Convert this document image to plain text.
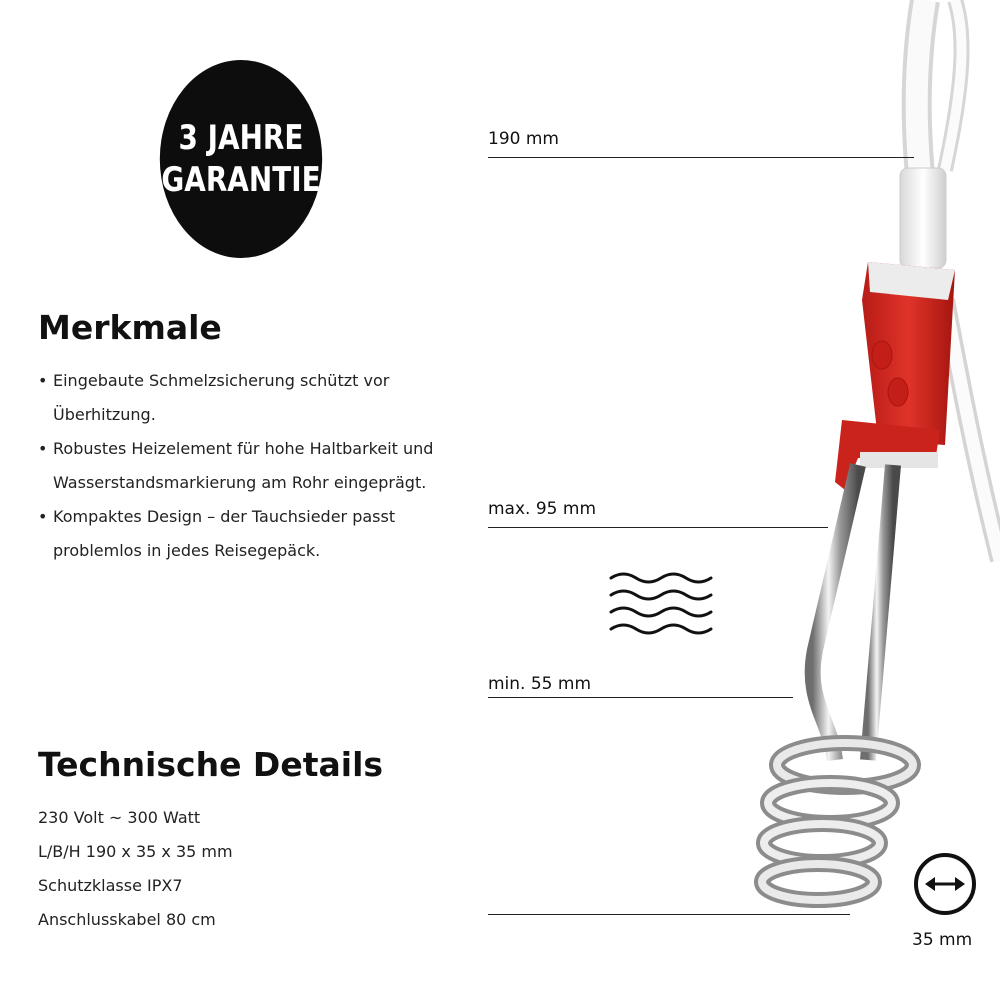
3 JAHRE
GARANTIE
Merkmale
• Eingebaute Schmelzsicherung schützt vor Überhitzung.
• Robustes Heizelement für hohe Haltbarkeit und Wasserstandsmarkierung am Rohr eingeprägt.
• Kompaktes Design – der Tauchsieder passt problemlos in jedes Reisegepäck.
Technische Details
230 Volt ~ 300 Watt
L/B/H 190 x 35 x 35 mm
Schutzklasse IPX7
Anschlusskabel 80 cm
190 mm
max. 95 mm
min. 55 mm
35 mm
